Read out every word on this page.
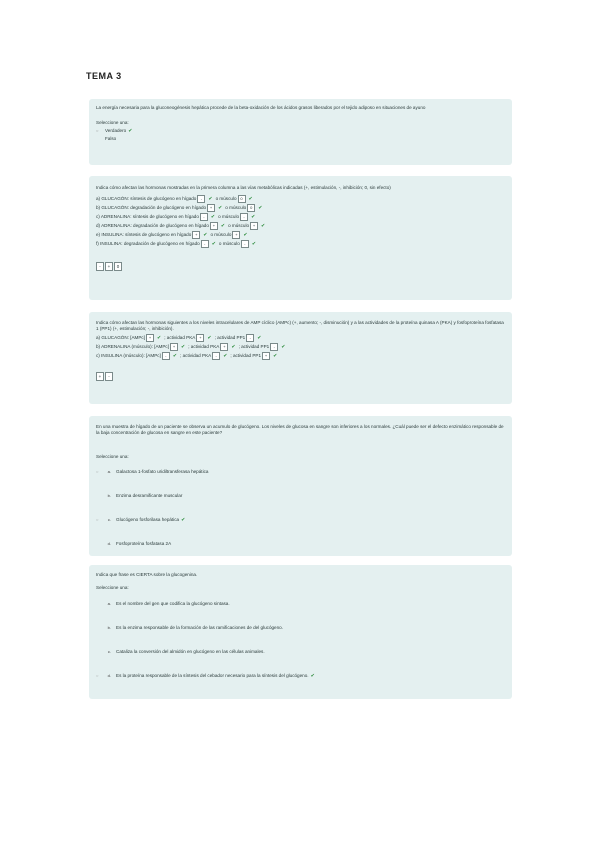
TEMA 3

La energía necesaria para la gluconeogénesis hepática procede de la beta-oxidación de los ácidos grasos liberados por el tejido adiposo en situaciones de ayuno

Seleccione una:

○	Verdadero ✔
Falso

Indica cómo afectan las hormonas mostradas en la primera columna a las vías metabólicas indicadas (+, estimulación, -, inhibición; 0, sin efecto)

a) GLUCAGÓN: síntesis de glucógeno en hígado	-	✔ o músculo 0	✔
b) GLUCAGÓN: degradación de glucógeno en hígado +	✔ o músculo 0	✔
c) ADRENALINA: síntesis de glucógeno en hígado	-	✔ o músculo	-	✔
d) ADRENALINA: degradación de glucógeno en hígado +	✔ o músculo +	✔
e) INSULINA: síntesis de glucógeno en hígado +	✔ o músculo +	✔
f) INSULINA: degradación de glucógeno en hígado	-	✔ o músculo	-	✔
-	+	0

Indica cómo afectan las hormonas siguientes a los niveles intracelulares de AMP cíclico (AMPc) (+, aumento; -, disminución) y a las actividades de la proteína quinasa A (PKA) y fosfoproteína fosfatasa 1 (PP1) (+, estimulación; -, inhibición).

a) GLUCAGÓN: [AMPc] +	✔ ; actividad PKA +	✔ ; actividad PP1	-	✔
b) ADRENALINA (músculo): [AMPc] +	✔ ; actividad PKA +	✔ ; actividad PP1	-	✔
c) INSULINA (músculo): [AMPc]	-	✔ ; actividad PKA	-	✔ ; actividad PP1 +	✔
+	-

En una muestra de hígado de un paciente se observa un acumulo de glucógeno. Los niveles de glucosa en sangre son inferiores a los normales. ¿Cuál puede ser el defecto enzimático responsable de la baja concentración de glucosa en sangre en este paciente?

Seleccione una:

○	a. Galactosa 1-fosfato uridiltransferasa hepática
b. Enzima desramificante muscular
○	c. Glucógeno fosforilasa hepática ✔
d. Fosfoproteína fosfatasa 2A

Indica que frase es CIERTA sobre la glucogenina.

Seleccione una:

a. Es el nombre del gen que codifica la glucógeno sintasa.
b. Es la enzima responsable de la formación de las ramificaciones de del glucógeno.
c. Cataliza la conversión del almidón en glucógeno en las células animales.
○	d. Es la proteína responsable de la síntesis del cebador necesario para la síntesis del glucógeno. ✔
